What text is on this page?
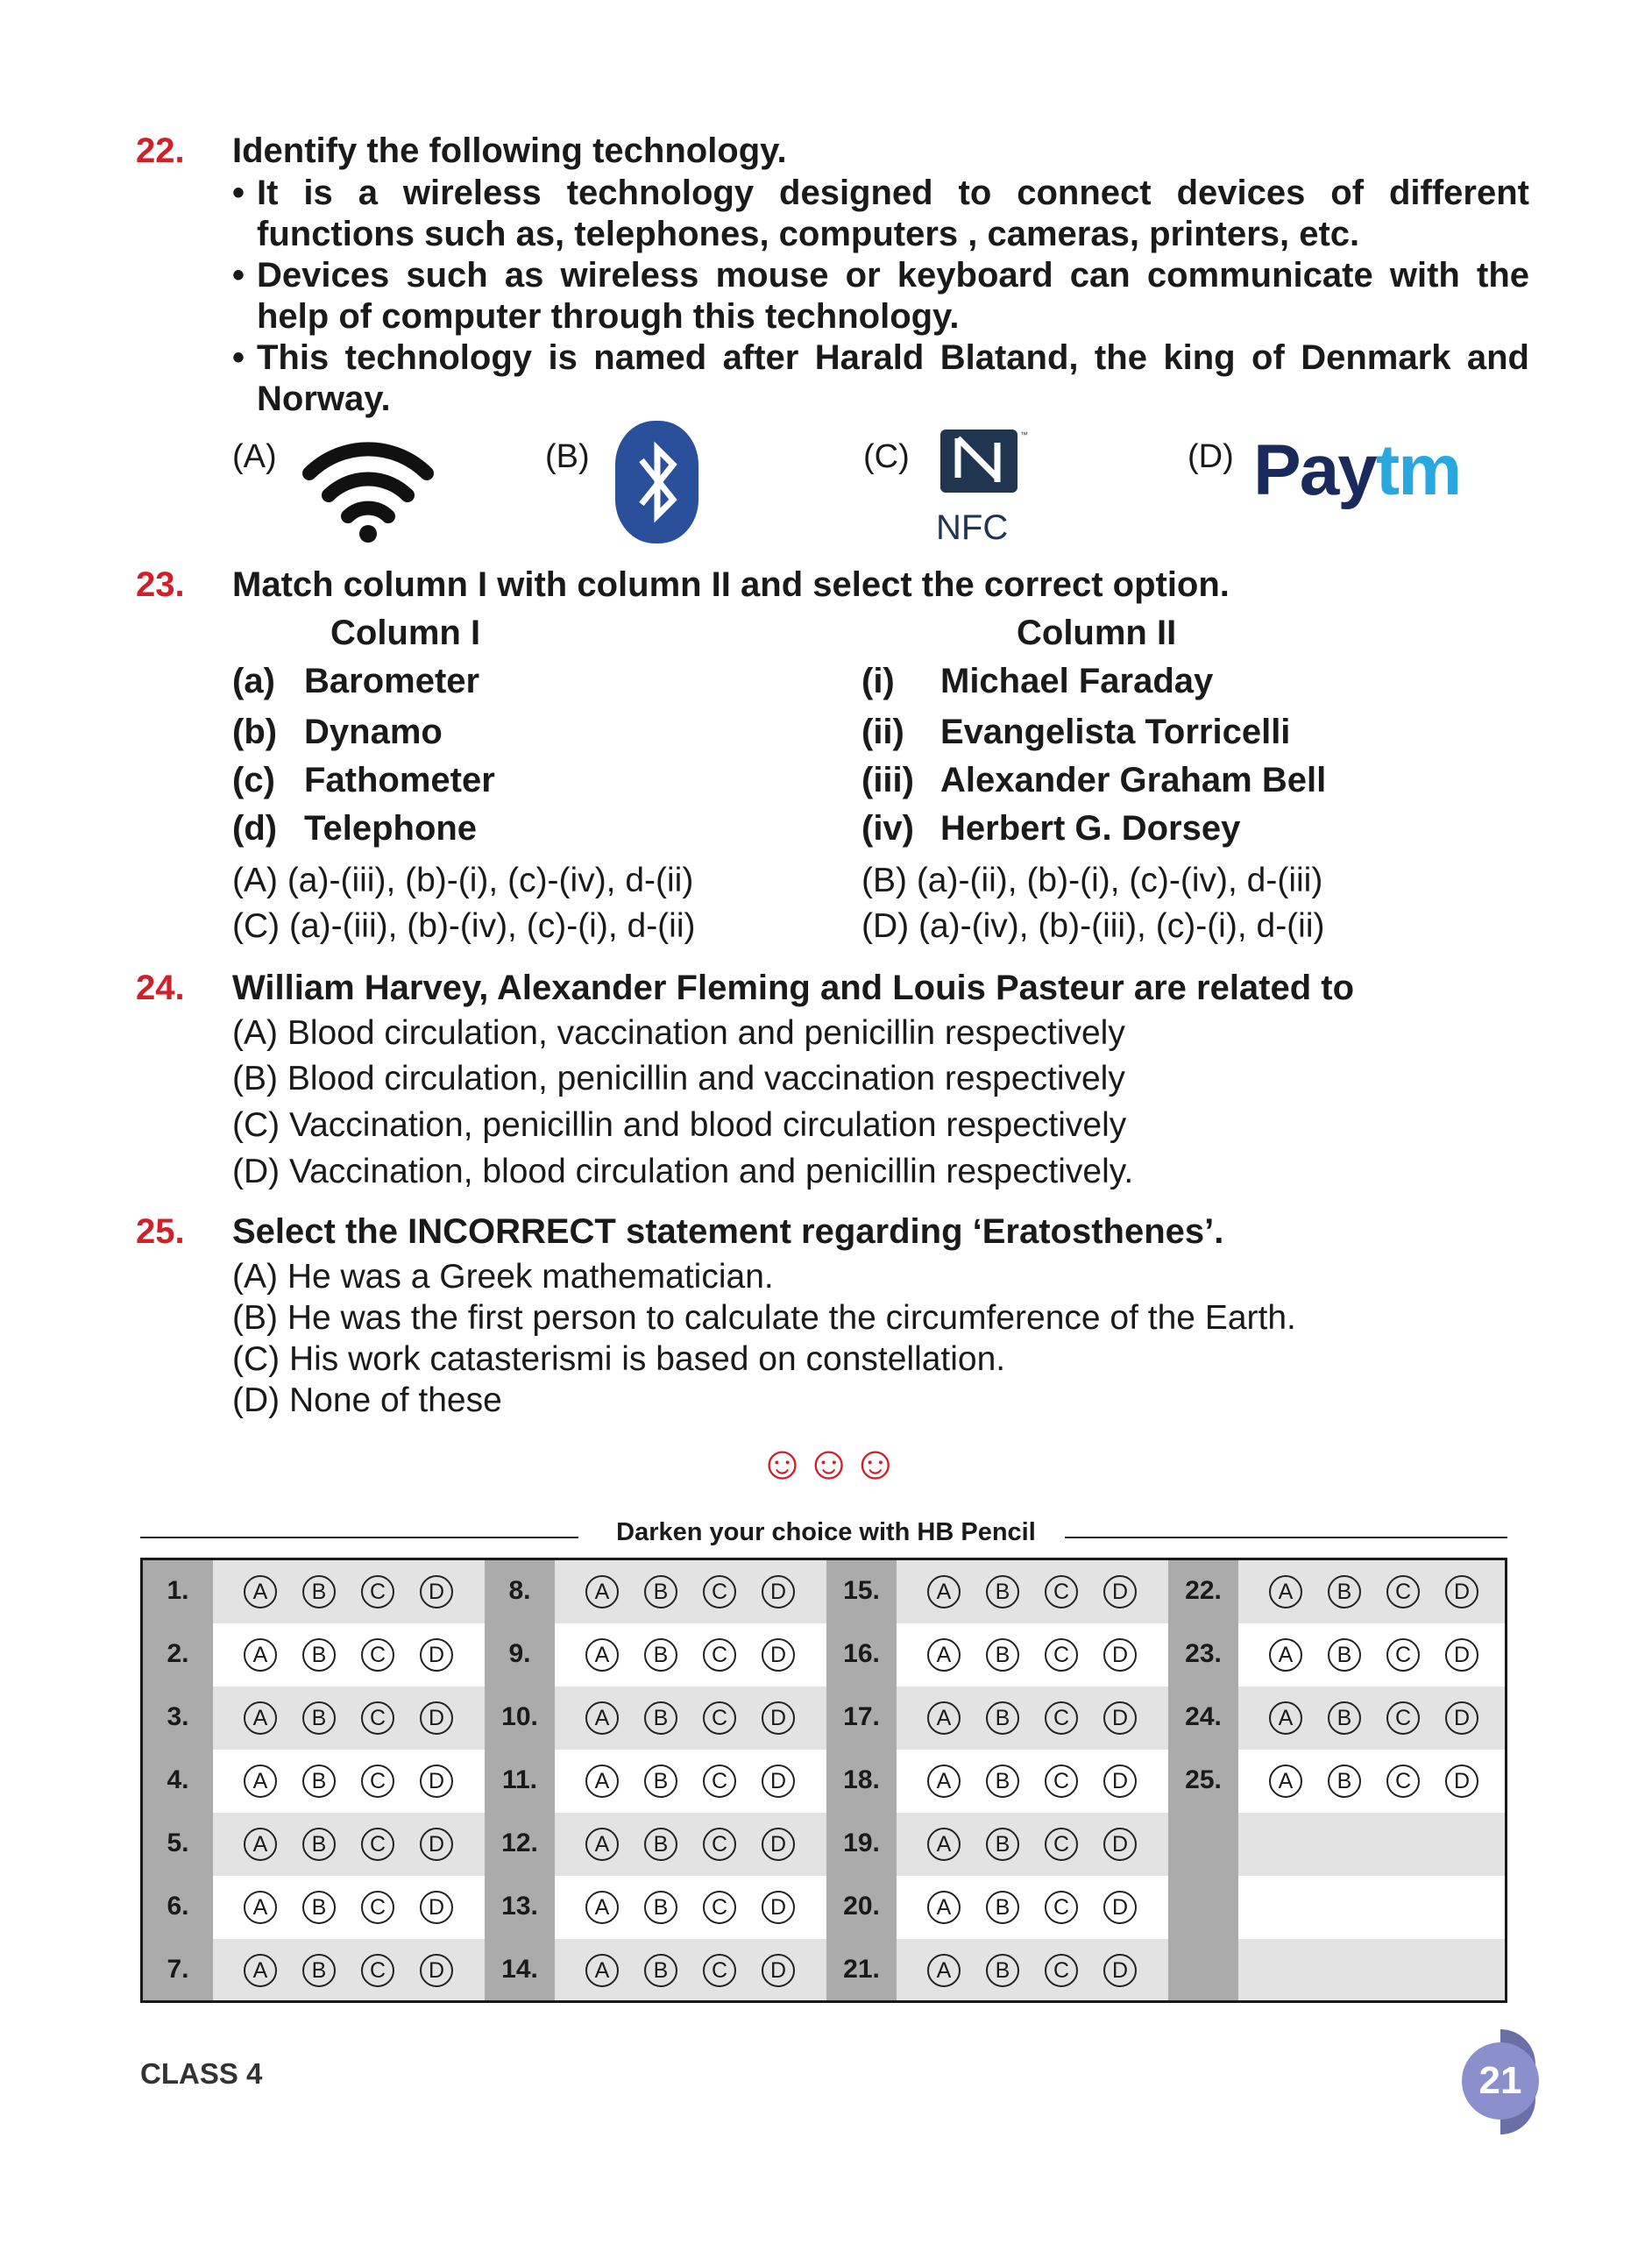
22. Identify the following technology.
• It is a wireless technology designed to connect devices of different functions such as, telephones, computers , cameras, printers, etc.
• Devices such as wireless mouse or keyboard can communicate with the help of computer through this technology.
• This technology is named after Harald Blatand, the king of Denmark and Norway.
(A)	(B)	(C)
™
NFC
(D) Paytm
23. Match column I with column II and select the correct option.
Column I	Column II
(a) Barometer	(i) Michael Faraday
(b) Dynamo	(ii) Evangelista Torricelli
(c) Fathometer	(iii) Alexander Graham Bell
(d) Telephone	(iv) Herbert G. Dorsey
(A) (a)-(iii), (b)-(i), (c)-(iv), d-(ii)	(B) (a)-(ii), (b)-(i), (c)-(iv), d-(iii)
(C) (a)-(iii), (b)-(iv), (c)-(i), d-(ii)	(D) (a)-(iv), (b)-(iii), (c)-(i), d-(ii)
24. William Harvey, Alexander Fleming and Louis Pasteur are related to
(A) Blood circulation, vaccination and penicillin respectively
(B) Blood circulation, penicillin and vaccination respectively
(C) Vaccination, penicillin and blood circulation respectively
(D) Vaccination, blood circulation and penicillin respectively.
25. Select the INCORRECT statement regarding ‘Eratosthenes’.
(A) He was a Greek mathematician.
(B) He was the first person to calculate the circumference of the Earth.
(C) His work catasterismi is based on constellation.
(D) None of these
☺☺☺
Darken your choice with HB Pencil
1.	A	B	C	D
2.	A	B	C	D
3.	A	B	C	D
4.	A	B	C	D
5.	A	B	C	D
6.	A	B	C	D
7.	A	B	C	D
8.	A	B	C	D
9.	A	B	C	D
10.	A	B	C	D
11.	A	B	C	D
12.	A	B	C	D
13.	A	B	C	D
14.	A	B	C	D
15.	A	B	C	D
16.	A	B	C	D
17.	A	B	C	D
18.	A	B	C	D
19.	A	B	C	D
20.	A	B	C	D
21.	A	B	C	D
22.	A	B	C	D
23.	A	B	C	D
24.	A	B	C	D
25.	A	B	C	D
CLASS 4	21
